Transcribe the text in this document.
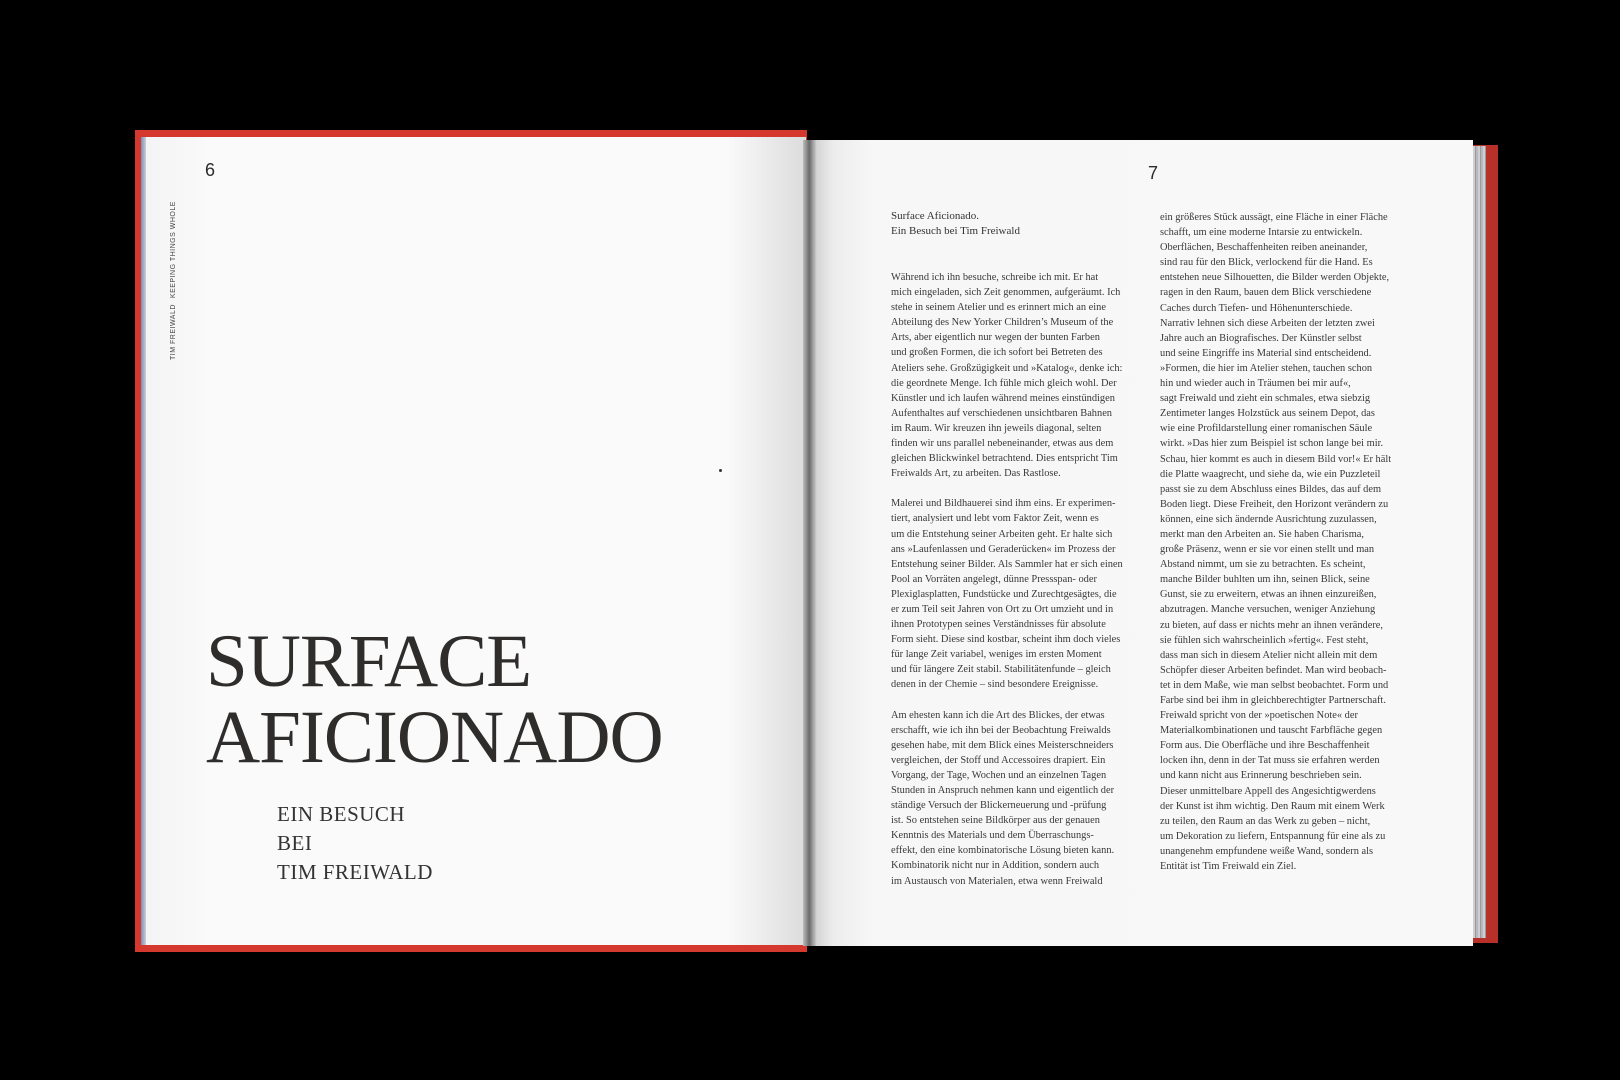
6
TIM FREIWALDKEEPING THINGS WHOLE
SURFACE
AFICIONADO
EIN BESUCH
BEI
TIM FREIWALD
7
Surface Aficionado.
Ein Besuch bei Tim Freiwald

Während ich ihn besuche, schreibe ich mit. Er hat
mich eingeladen, sich Zeit genommen, aufgeräumt. Ich
stehe in seinem Atelier und es erinnert mich an eine
Abteilung des New Yorker Children’s Museum of the
Arts, aber eigentlich nur wegen der bunten Farben
und großen Formen, die ich sofort bei Betreten des
Ateliers sehe. Großzügigkeit und »Katalog«, denke ich:
die geordnete Menge. Ich fühle mich gleich wohl. Der
Künstler und ich laufen während meines einstündigen
Aufenthaltes auf verschiedenen unsichtbaren Bahnen
im Raum. Wir kreuzen ihn jeweils diagonal, selten
finden wir uns parallel nebeneinander, etwas aus dem
gleichen Blickwinkel betrachtend. Dies entspricht Tim
Freiwalds Art, zu arbeiten. Das Rastlose.

Malerei und Bildhauerei sind ihm eins. Er experimen-
tiert, analysiert und lebt vom Faktor Zeit, wenn es
um die Entstehung seiner Arbeiten geht. Er halte sich
ans »Laufenlassen und Geraderücken« im Prozess der
Entstehung seiner Bilder. Als Sammler hat er sich einen
Pool an Vorräten angelegt, dünne Pressspan- oder
Plexiglasplatten, Fundstücke und Zurechtgesägtes, die
er zum Teil seit Jahren von Ort zu Ort umzieht und in
ihnen Prototypen seines Verständnisses für absolute
Form sieht. Diese sind kostbar, scheint ihm doch vieles
für lange Zeit variabel, weniges im ersten Moment
und für längere Zeit stabil. Stabilitätenfunde – gleich
denen in der Chemie – sind besondere Ereignisse.

Am ehesten kann ich die Art des Blickes, der etwas
erschafft, wie ich ihn bei der Beobachtung Freiwalds
gesehen habe, mit dem Blick eines Meisterschneiders
vergleichen, der Stoff und Accessoires drapiert. Ein
Vorgang, der Tage, Wochen und an einzelnen Tagen
Stunden in Anspruch nehmen kann und eigentlich der
ständige Versuch der Blickerneuerung und -prüfung
ist. So entstehen seine Bildkörper aus der genauen
Kenntnis des Materials und dem Überraschungs-
effekt, den eine kombinatorische Lösung bieten kann.
Kombinatorik nicht nur in Addition, sondern auch
im Austausch von Materialen, etwa wenn Freiwald

ein größeres Stück aussägt, eine Fläche in einer Fläche
schafft, um eine moderne Intarsie zu entwickeln.
Oberflächen, Beschaffenheiten reiben aneinander,
sind rau für den Blick, verlockend für die Hand. Es
entstehen neue Silhouetten, die Bilder werden Objekte,
ragen in den Raum, bauen dem Blick verschiedene
Caches durch Tiefen- und Höhenunterschiede.
Narrativ lehnen sich diese Arbeiten der letzten zwei
Jahre auch an Biografisches. Der Künstler selbst
und seine Eingriffe ins Material sind entscheidend.
»Formen, die hier im Atelier stehen, tauchen schon
hin und wieder auch in Träumen bei mir auf«,
sagt Freiwald und zieht ein schmales, etwa siebzig
Zentimeter langes Holzstück aus seinem Depot, das
wie eine Profildarstellung einer romanischen Säule
wirkt. »Das hier zum Beispiel ist schon lange bei mir.
Schau, hier kommt es auch in diesem Bild vor!« Er hält
die Platte waagrecht, und siehe da, wie ein Puzzleteil
passt sie zu dem Abschluss eines Bildes, das auf dem
Boden liegt. Diese Freiheit, den Horizont verändern zu
können, eine sich ändernde Ausrichtung zuzulassen,
merkt man den Arbeiten an. Sie haben Charisma,
große Präsenz, wenn er sie vor einen stellt und man
Abstand nimmt, um sie zu betrachten. Es scheint,
manche Bilder buhlten um ihn, seinen Blick, seine
Gunst, sie zu erweitern, etwas an ihnen einzureißen,
abzutragen. Manche versuchen, weniger Anziehung
zu bieten, auf dass er nichts mehr an ihnen verändere,
sie fühlen sich wahrscheinlich »fertig«. Fest steht,
dass man sich in diesem Atelier nicht allein mit dem
Schöpfer dieser Arbeiten befindet. Man wird beobach-
tet in dem Maße, wie man selbst beobachtet. Form und
Farbe sind bei ihm in gleichberechtigter Partnerschaft.
Freiwald spricht von der »poetischen Note« der
Materialkombinationen und tauscht Farbfläche gegen
Form aus. Die Oberfläche und ihre Beschaffenheit
locken ihn, denn in der Tat muss sie erfahren werden
und kann nicht aus Erinnerung beschrieben sein.
Dieser unmittelbare Appell des Angesichtigwerdens
der Kunst ist ihm wichtig. Den Raum mit einem Werk
zu teilen, den Raum an das Werk zu geben – nicht,
um Dekoration zu liefern, Entspannung für eine als zu
unangenehm empfundene weiße Wand, sondern als
Entität ist Tim Freiwald ein Ziel.
